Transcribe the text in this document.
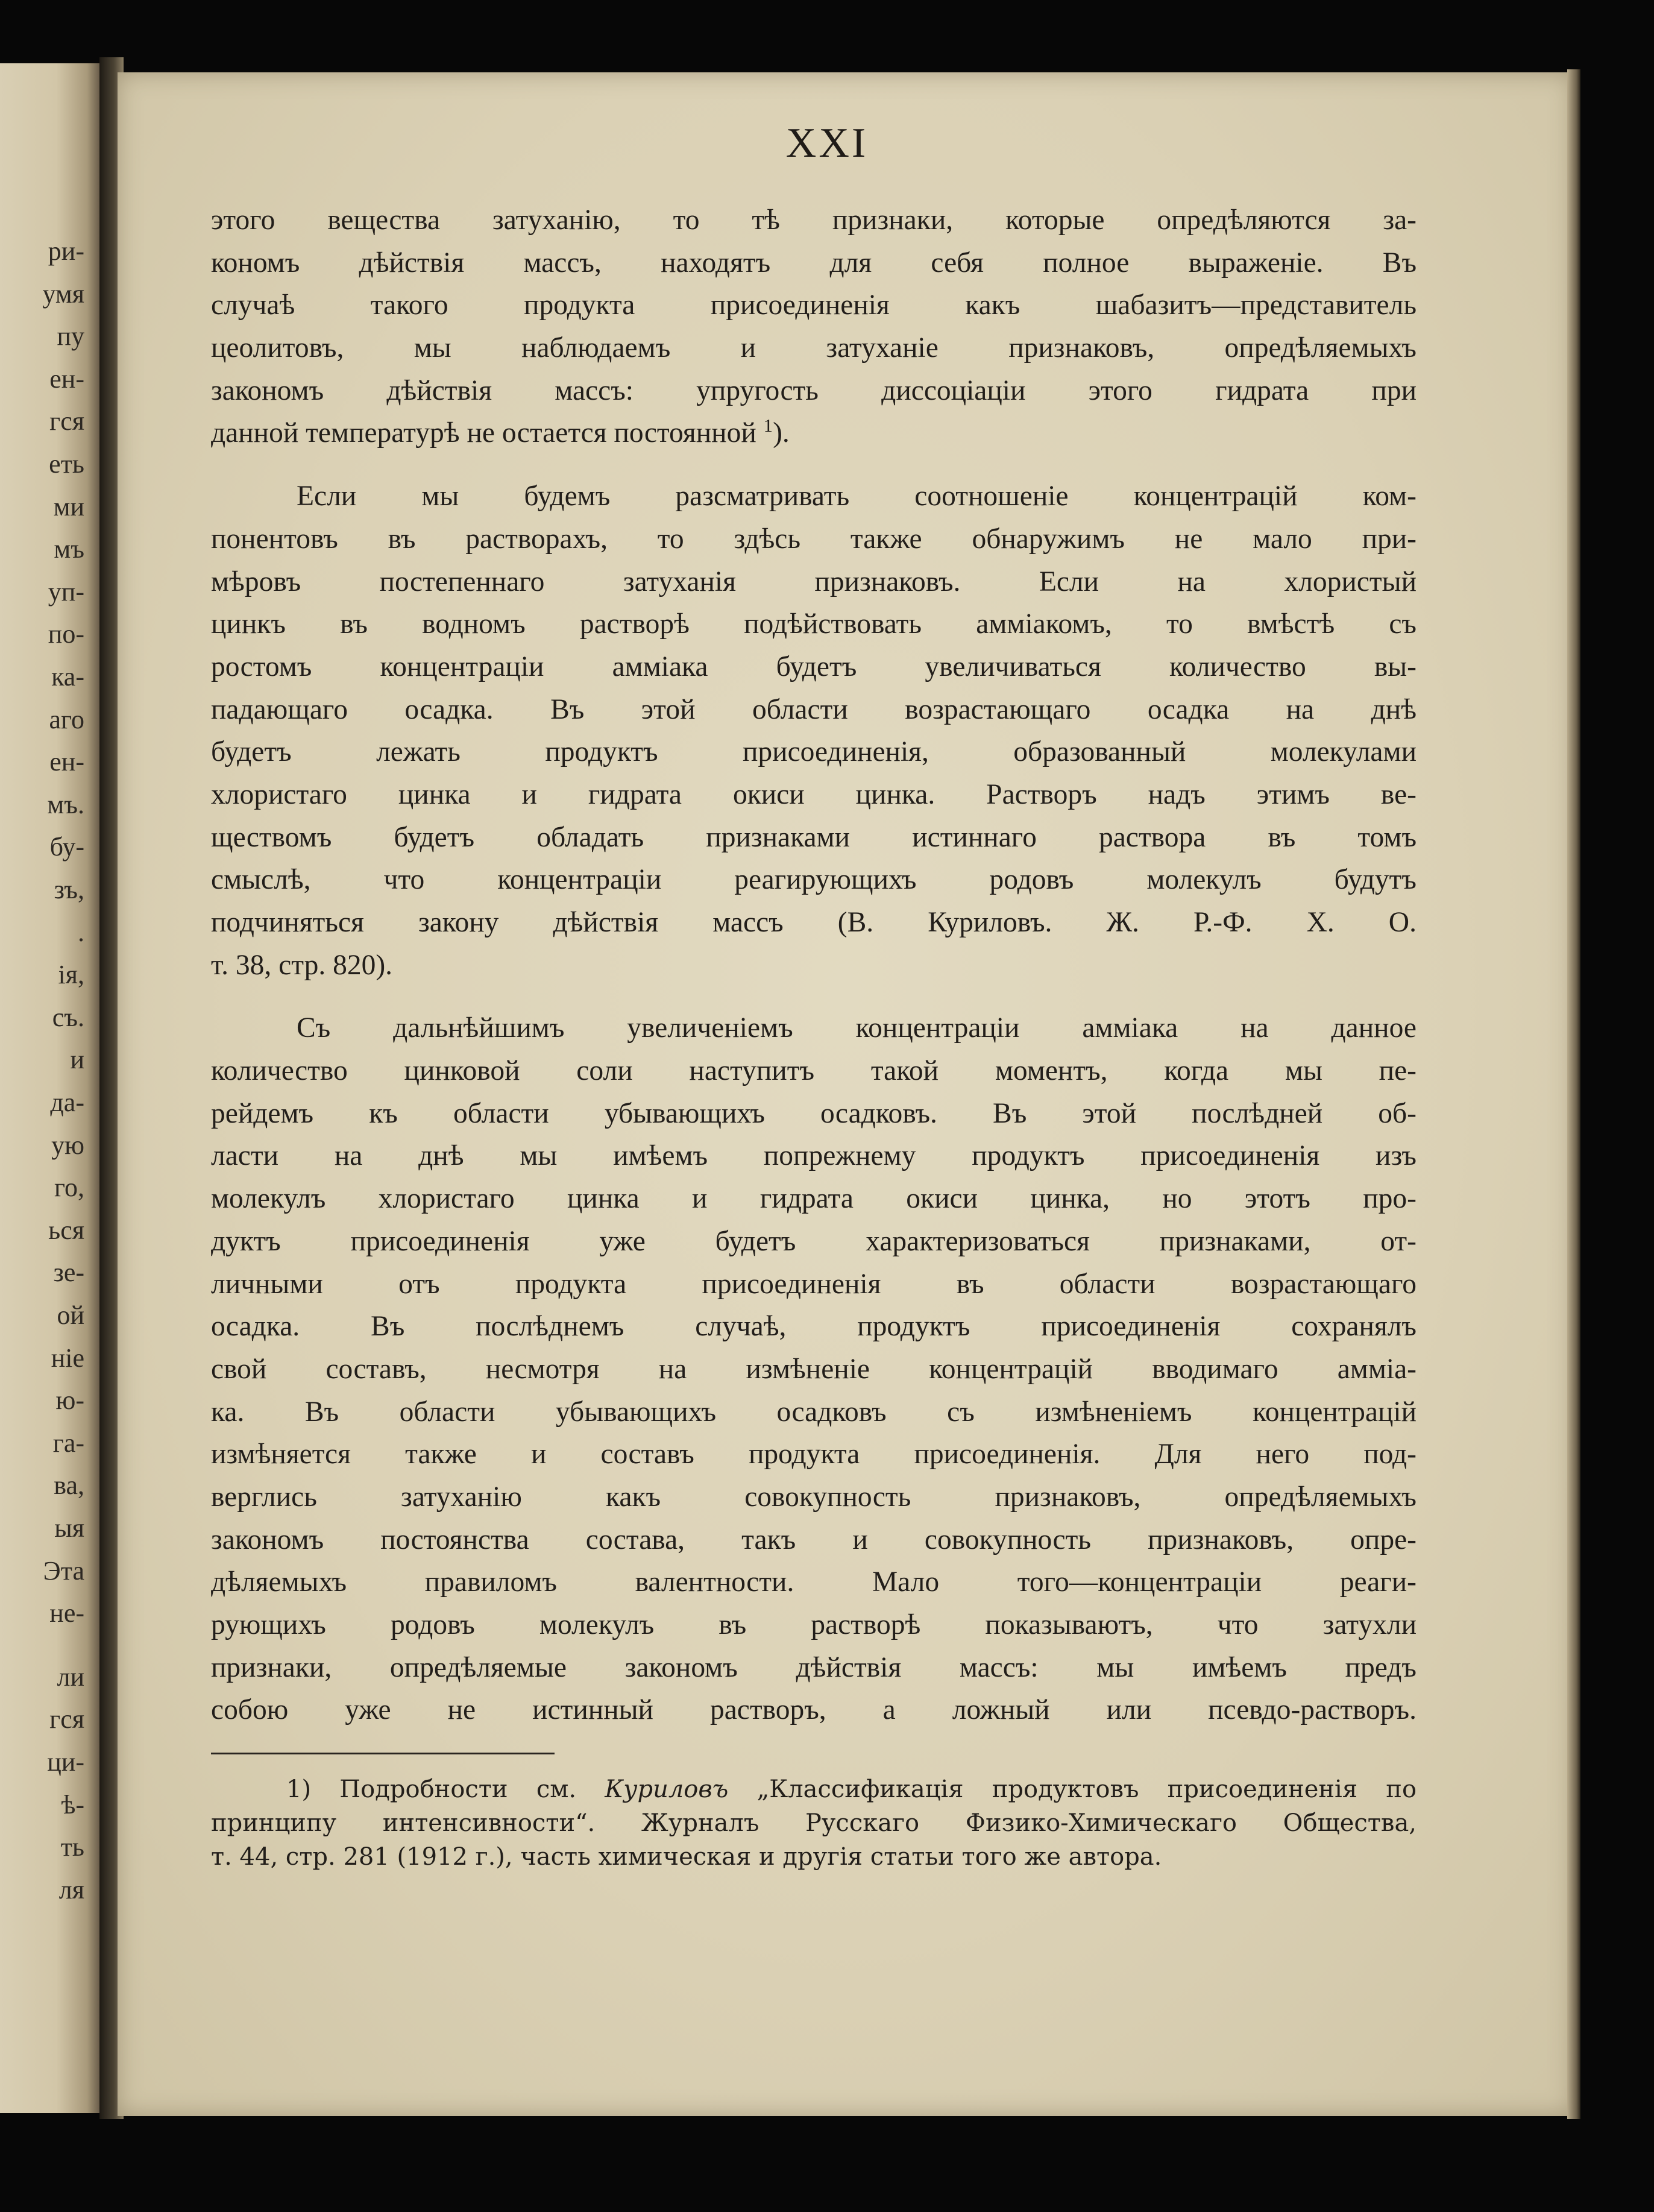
ри-
умя
пу
ен-
гся
еть
ми
мъ
уп-
по-
ка-
аго
ен-
мъ.
бу-
зъ,
.
ія,
съ.
и
да-
ую
го,
ься
зе-
ой
ніе
ю-
га-
ва,
ыя
Эта
не-
ли
гся
ци-
ѣ-
ть
ля
XXI
этого вещества затуханію, то тѣ признаки, которые опредѣляются за-
кономъ дѣйствія массъ, находятъ для себя полное выраженіе. Въ
случаѣ такого продукта присоединенія какъ шабазитъ—представитель
цеолитовъ, мы наблюдаемъ и затуханіе признаковъ, опредѣляемыхъ
закономъ дѣйствія массъ: упругость диссоціаціи этого гидрата при
данной температурѣ не остается постоянной $^1$).
Если мы будемъ разсматривать соотношеніе концентрацій ком-
понентовъ въ растворахъ, то здѣсь также обнаружимъ не мало при-
мѣровъ постепеннаго затуханія признаковъ. Если на хлористый
цинкъ въ водномъ растворѣ подѣйствовать амміакомъ, то вмѣстѣ съ
ростомъ концентраціи амміака будетъ увеличиваться количество вы-
падающаго осадка. Въ этой области возрастающаго осадка на днѣ
будетъ лежать продуктъ присоединенія, образованный молекулами
хлористаго цинка и гидрата окиси цинка. Растворъ надъ этимъ ве-
ществомъ будетъ обладать признаками истиннаго раствора въ томъ
смыслѣ, что концентраціи реагирующихъ родовъ молекулъ будутъ
подчиняться закону дѣйствія массъ (В. Куриловъ. Ж. Р.-Ф. Х. О.
т. 38, стр. 820).
Съ дальнѣйшимъ увеличеніемъ концентраціи амміака на данное
количество цинковой соли наступитъ такой моментъ, когда мы пе-
рейдемъ къ области убывающихъ осадковъ. Въ этой послѣдней об-
ласти на днѣ мы имѣемъ попрежнему продуктъ присоединенія изъ
молекулъ хлористаго цинка и гидрата окиси цинка, но этотъ про-
дуктъ присоединенія уже будетъ характеризоваться признаками, от-
личными отъ продукта присоединенія въ области возрастающаго
осадка. Въ послѣднемъ случаѣ, продуктъ присоединенія сохранялъ
свой составъ, несмотря на измѣненіе концентрацій вводимаго амміа-
ка. Въ области убывающихъ осадковъ съ измѣненіемъ концентрацій
измѣняется также и составъ продукта присоединенія. Для него под-
верглись затуханію какъ совокупность признаковъ, опредѣляемыхъ
закономъ постоянства состава, такъ и совокупность признаковъ, опре-
дѣляемыхъ правиломъ валентности. Мало того—концентраціи реаги-
рующихъ родовъ молекулъ въ растворѣ показываютъ, что затухли
признаки, опредѣляемые закономъ дѣйствія массъ: мы имѣемъ предъ
собою уже не истинный растворъ, а ложный или псевдо-растворъ.
1) Подробности см. Куриловъ „Классификація продуктовъ присоединенія по
принципу интенсивности“. Журналъ Русскаго Физико-Химическаго Общества,
т. 44, стр. 281 (1912 г.), часть химическая и другія статьи того же автора.
